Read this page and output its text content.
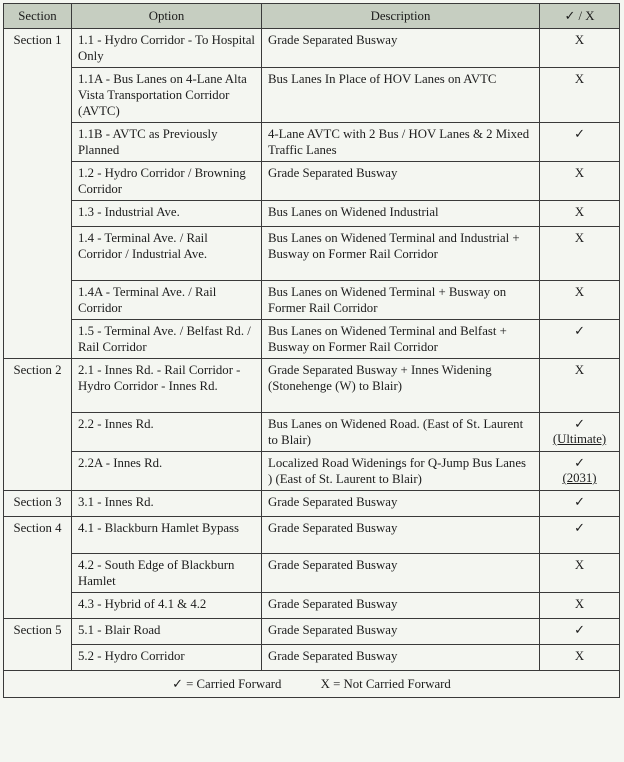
Section	Option	Description	✓ / X
Section 1	1.1 - Hydro Corridor - To Hospital Only	Grade Separated Busway	X

	1.1A - Bus Lanes on 4-Lane Alta Vista Transportation Corridor (AVTC)	Bus Lanes In Place of HOV Lanes on AVTC	X

	1.1B - AVTC as Previously Planned	4-Lane AVTC with 2 Bus / HOV Lanes & 2 Mixed Traffic Lanes	✓

	1.2 - Hydro Corridor / Browning Corridor	Grade Separated Busway	X

	1.3 - Industrial Ave.	Bus Lanes on Widened Industrial	X

	1.4 - Terminal Ave. / Rail Corridor / Industrial Ave.	Bus Lanes on Widened Terminal and Industrial + Busway on Former Rail Corridor	X

	1.4A - Terminal Ave. / Rail Corridor	Bus Lanes on Widened Terminal + Busway on Former Rail Corridor	X

	1.5 - Terminal Ave. / Belfast Rd. / Rail Corridor	Bus Lanes on Widened Terminal and Belfast + Busway on Former Rail Corridor	✓

Section 2	2.1 - Innes Rd. - Rail Corridor - Hydro Corridor - Innes Rd.	Grade Separated Busway + Innes Widening (Stonehenge (W) to Blair)	X

	2.2 - Innes Rd.	Bus Lanes on Widened Road. (East of St. Laurent to Blair)	✓
(Ultimate)

	2.2A - Innes Rd.	Localized Road Widenings for Q-Jump Bus Lanes ) (East of St. Laurent to Blair)	✓
(2031)

Section 3	3.1 - Innes Rd.	Grade Separated Busway	✓

Section 4	4.1 - Blackburn Hamlet Bypass	Grade Separated Busway	✓

	4.2 - South Edge of Blackburn Hamlet	Grade Separated Busway	X

	4.3 - Hybrid of 4.1 & 4.2	Grade Separated Busway	X

Section 5	5.1 - Blair Road	Grade Separated Busway	✓

	5.2 - Hydro Corridor	Grade Separated Busway	X

✓ = Carried Forward X = Not Carried Forward			
